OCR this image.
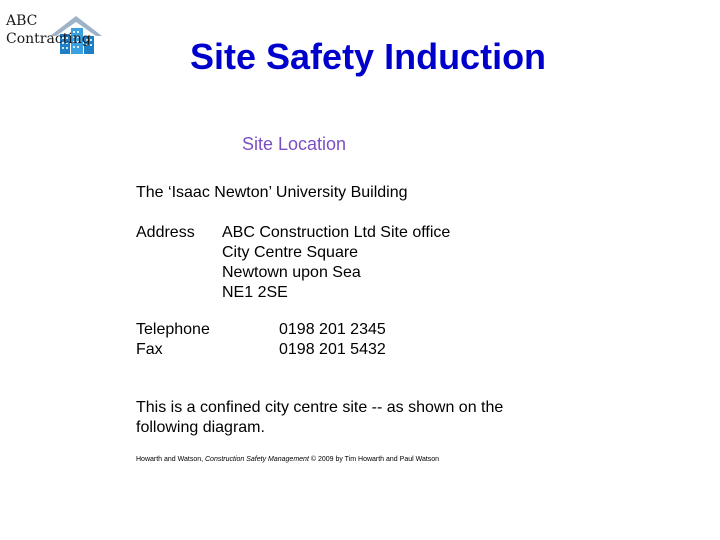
ABC
Contracting	Site Safety Induction
Site Location
The ‘Isaac Newton’ University Building
Address ABC Construction Ltd Site office
City Centre Square
Newtown upon Sea
NE1 2SE
Telephone	0198 201 2345
Fax	0198 201 5432
This is a confined city centre site -- as shown on the
following diagram.
Howarth and Watson, Construction Safety Management © 2009 by Tim Howarth and Paul Watson
